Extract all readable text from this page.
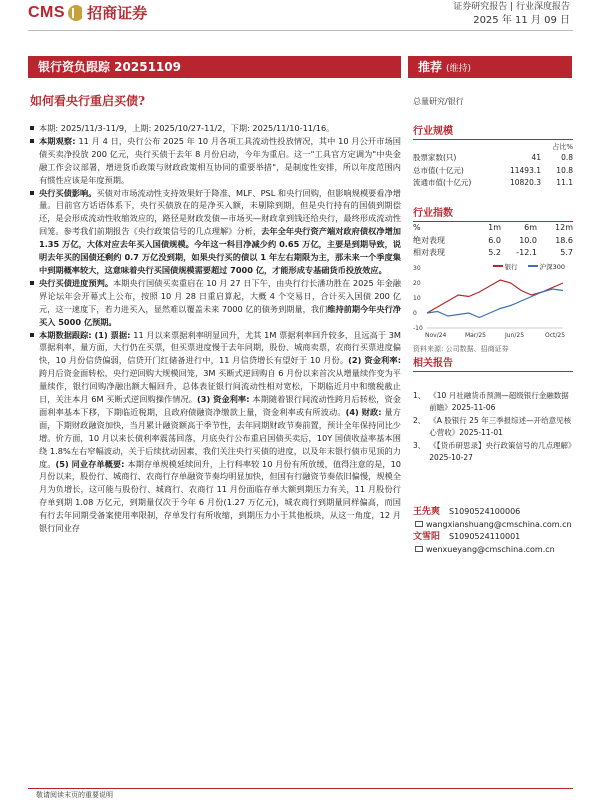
CMS 招商证券	证券研究报告 | 行业深度报告
2025 年 11 月 09 日
银行资负跟踪 20251109	推荐 (维持)
如何看央行重启买债?	总量研究/银行

本期: 2025/11/3-11/9，上期: 2025/10/27-11/2，下期: 2025/11/10-11/16。

本期观察: 11 月 4 日，央行公布 2025 年 10 月各项工具流动性投放情况，其中 10 月公开市场国债买卖净投放 200 亿元，央行买债于去年 8 月份启动，今年为重启。这一"工具官方定调为"中央金融工作会议部署，增进货币政策与财政政策相互协同的重要举措"，是制度性安排，所以年度范围内有惯性应该是年度预期。

央行买债影响。买债对市场流动性支持效果好于降准、MLF、PSL 和央行回购，但影响规模要看净增量。目前官方话语体系下，央行买债放在的是净买入额，未剔除到期，但是央行持有的国债到期偿还，是会形成流动性收缩效应的，路径是财政发债—市场买—财政拿到钱还给央行，最终形成流动性回笼。参考我们前期报告《央行政策信号的几点理解》分析，去年全年央行资产端对政府债权净增加 1.35 万亿，大体对应去年买入国债规模。今年这一科目净减少约 0.65 万亿，主要是到期导致，说明去年买的国债还剩约 0.7 万亿没到期，如果央行买的债以 1 年左右期限为主，那未来一个季度集中到期概率较大，这意味着央行买国债规模需要超过 7000 亿，才能形成专基础货币投放效应。

央行买债进度预判。本期央行国债买卖重启在 10 月 27 日下午，由央行行长潘功胜在 2025 年金融界论坛年会开幕式上公布，按照 10 月 28 日重启算起，大概 4 个交易日，合计买入国债 200 亿元，这一速度下，若力进买入，显然难以覆盖未来 7000 亿的债务到期量，我们维持前期今年央行净买入 5000 亿预期。

本期数据跟踪: (1) 票据: 11 月以来票据利率明显回升，尤其 1M 票据利率回升较多，且远高于 3M 票据利率，量方面，大行仍在买票，但买票进度慢于去年同期，股份、城商卖票，农商行买票进度偏快，10 月份信贷偏弱，信贷开门红储备进行中，11 月信贷增长有望好于 10 月份。(2) 资金利率: 跨月后资金面转松，央行逆回购大规模回笼，3M 买断式逆回购自 6 月份以来首次从增量续作变为平量续作，银行回购净融出额大幅回升，总体表征银行间流动性相对宽松，下期临近月中和缴税截止日，关注本月 6M 买断式逆回购操作情况。(3) 资金利率: 本期随着银行间流动性跨月后转松，资金面利率基本下移，下期临近税期，且政府债融资净缴款上量，资金利率或有所波动。(4) 财政: 量方面，下期财政融资加快，当月累计融资额高于季节性，去年同期财政节奏前置，预计全年保持同比少增。价方面，10 月以来长债利率震荡回落，月底央行公布重启国债买卖后，10Y 国债收益率基本围绕 1.8%左右窄幅波动，关于后续扰动因素，我们关注央行买债的进度，以及年末银行债市见顶的力度。(5) 同业存单概要: 本期存单规模延续回升，上行科率较 10 月份有所放缓，值得注意的是，10 月份以来，股份行、城商行、农商行存单融资节奏均明显加快，但国有行融资节奏依旧偏慢，规模全月为负增长，这可能与股份行、城商行、农商行 11 月份面临存单大额到期压力有关，11 月股份行存单到期 1.08 万亿元，到期量仅次于今年 6 月份(1.27 万亿元)，城农商行到期量同样偏高，而国有行去年同期受备案使用率限制，存单发行有所收缩，到期压力小于其他板块，从这一角度，12 月银行同业存

行业规模
占比%
股票家数(只)	41	0.8
总市值(十亿元)	11493.1	10.8
流通市值(十亿元)	10820.3	11.1
行业指数
%	1m	6m	12m
绝对表现	6.0	10.0	18.6
相对表现	5.2	-12.1	5.7
银行	沪深300
30
20
10
0
-10
Nov/24	Mar/25	Jun/25	Oct/25
资料来源: 公司数据、招商证券
相关报告
1、 《10 月社融货币预测—超级银行金融数据前瞻》2025-11-06
2、 《A 股银行 25 年三季报综述—开给意见核心营收》2025-11-01
3、 《【货币研思录】央行政策信号的几点理解》2025-10-27
王先爽 S1090524100006
wangxianshuang@cmschina.com.cn
文雪阳 S1090524110001
wenxueyang@cmschina.com.cn
敬请阅读末页的重要说明
